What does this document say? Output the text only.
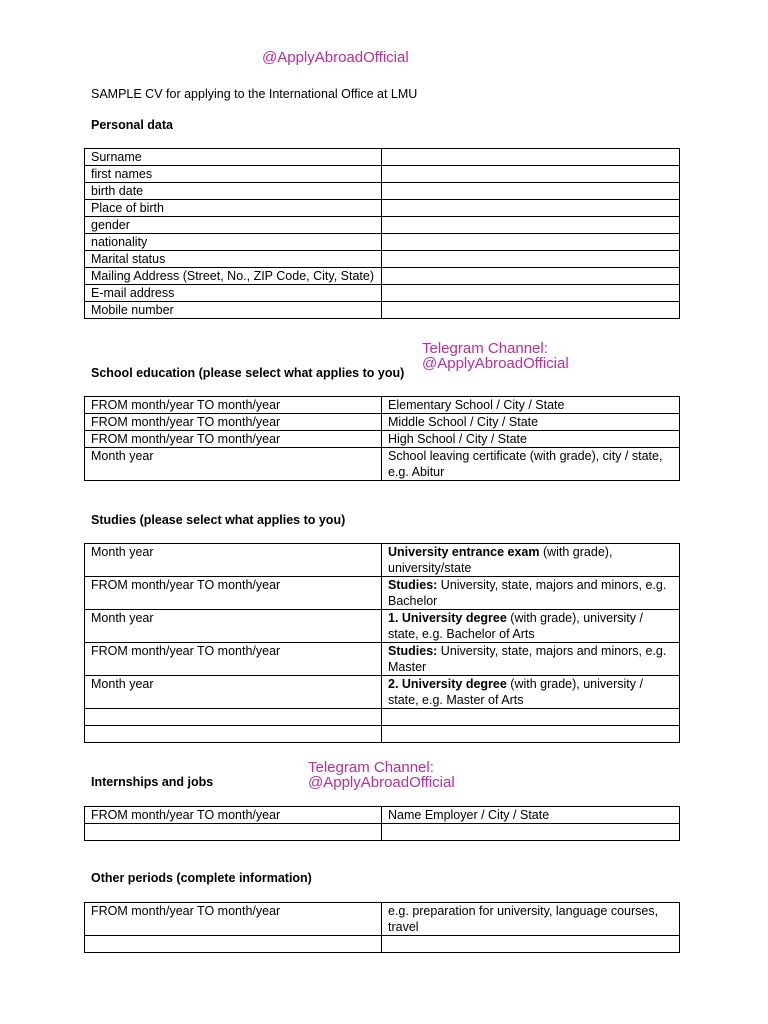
@ApplyAbroadOfficial
SAMPLE CV for applying to the International Office at LMU
Personal data
Surname	
first names	
birth date	
Place of birth	
gender	
nationality	
Marital status	
Mailing Address (Street, No., ZIP Code, City, State)	
E-mail address	
Mobile number	
Telegram Channel:
@ApplyAbroadOfficial
School education (please select what applies to you)
FROM month/year TO month/year	Elementary School / City / State
FROM month/year TO month/year	Middle School / City / State
FROM month/year TO month/year	High School / City / State
Month year	School leaving certificate (with grade), city / state, e.g. Abitur
Studies (please select what applies to you)
Month year	University entrance exam (with grade), university/state
FROM month/year TO month/year	Studies: University, state, majors and minors, e.g. Bachelor
Month year	1. University degree (with grade), university / state, e.g. Bachelor of Arts
FROM month/year TO month/year	Studies: University, state, majors and minors, e.g. Master
Month year	2. University degree (with grade), university / state, e.g. Master of Arts

Telegram Channel:
@ApplyAbroadOfficial
Internships and jobs
FROM month/year TO month/year	Name Employer / City / State

Other periods (complete information)
FROM month/year TO month/year	e.g. preparation for university, language courses, travel
